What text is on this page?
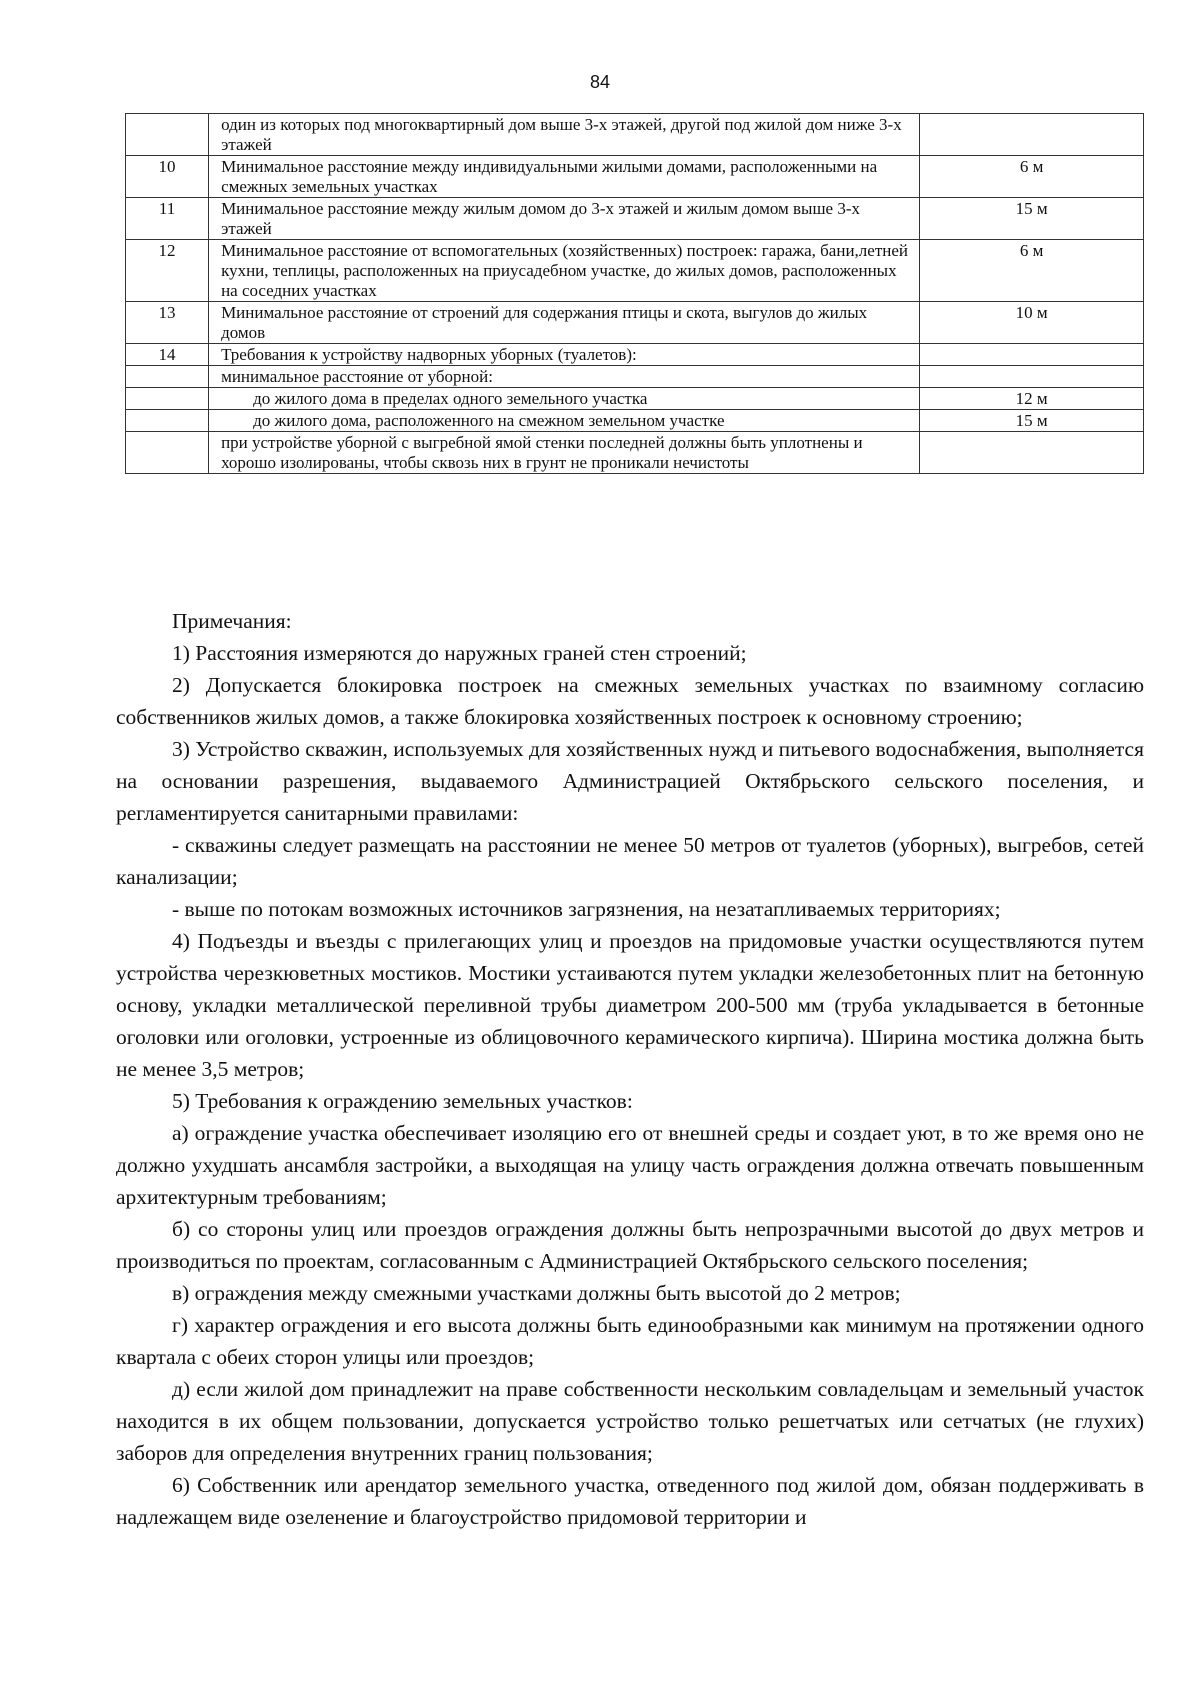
84
	один из которых под многоквартирный дом выше 3-х этажей, другой под жилой дом ниже 3-х этажей	
10	Минимальное расстояние между индивидуальными жилыми домами, расположенными на смежных земельных участках	6 м
11	Минимальное расстояние между жилым домом до 3-х этажей и жилым домом выше 3-х этажей	15 м
12	Минимальное расстояние от вспомогательных (хозяйственных) построек: гаража, бани,летней кухни, теплицы, расположенных на приусадебном участке, до жилых домов, расположенных на соседних участках	6 м
13	Минимальное расстояние от строений для содержания птицы и скота, выгулов до жилых домов	10 м
14	Требования к устройству надворных уборных (туалетов):	
	минимальное расстояние от уборной:	
	до жилого дома в пределах одного земельного участка	12 м
	до жилого дома, расположенного на смежном земельном участке	15 м
	при устройстве уборной с выгребной ямой стенки последней должны быть уплотнены и хорошо изолированы, чтобы сквозь них в грунт не проникали нечистоты	

Примечания:

1) Расстояния измеряются до наружных граней стен строений;

2) Допускается блокировка построек на смежных земельных участках по взаимному согласию собственников жилых домов, а также блокировка хозяйственных построек к основному строению;

3) Устройство скважин, используемых для хозяйственных нужд и питьевого водоснабжения, выполняется на основании разрешения, выдаваемого Администрацией Октябрьского сельского поселения, и регламентируется санитарными правилами:

- скважины следует размещать на расстоянии не менее 50 метров от туалетов (уборных), выгребов, сетей канализации;

- выше по потокам возможных источников загрязнения, на незатапливаемых территориях;

4) Подъезды и въезды с прилегающих улиц и проездов на придомовые участки осуществляются путем устройства черезкюветных мостиков. Мостики устаиваются путем укладки железобетонных плит на бетонную основу, укладки металлической переливной трубы диаметром 200-500 мм (труба укладывается в бетонные оголовки или оголовки, устроенные из облицовочного керамического кирпича). Ширина мостика должна быть не менее 3,5 метров;

5) Требования к ограждению земельных участков:

а) ограждение участка обеспечивает изоляцию его от внешней среды и создает уют, в то же время оно не должно ухудшать ансамбля застройки, а выходящая на улицу часть ограждения должна отвечать повышенным архитектурным требованиям;

б) со стороны улиц или проездов ограждения должны быть непрозрачными высотой до двух метров и производиться по проектам, согласованным с Администрацией Октябрьского сельского поселения;

в) ограждения между смежными участками должны быть высотой до 2 метров;

г) характер ограждения и его высота должны быть единообразными как минимум на протяжении одного квартала с обеих сторон улицы или проездов;

д) если жилой дом принадлежит на праве собственности нескольким совладельцам и земельный участок находится в их общем пользовании, допускается устройство только решетчатых или сетчатых (не глухих) заборов для определения внутренних границ пользования;

6) Собственник или арендатор земельного участка, отведенного под жилой дом, обязан поддерживать в надлежащем виде озеленение и благоустройство придомовой территории и
